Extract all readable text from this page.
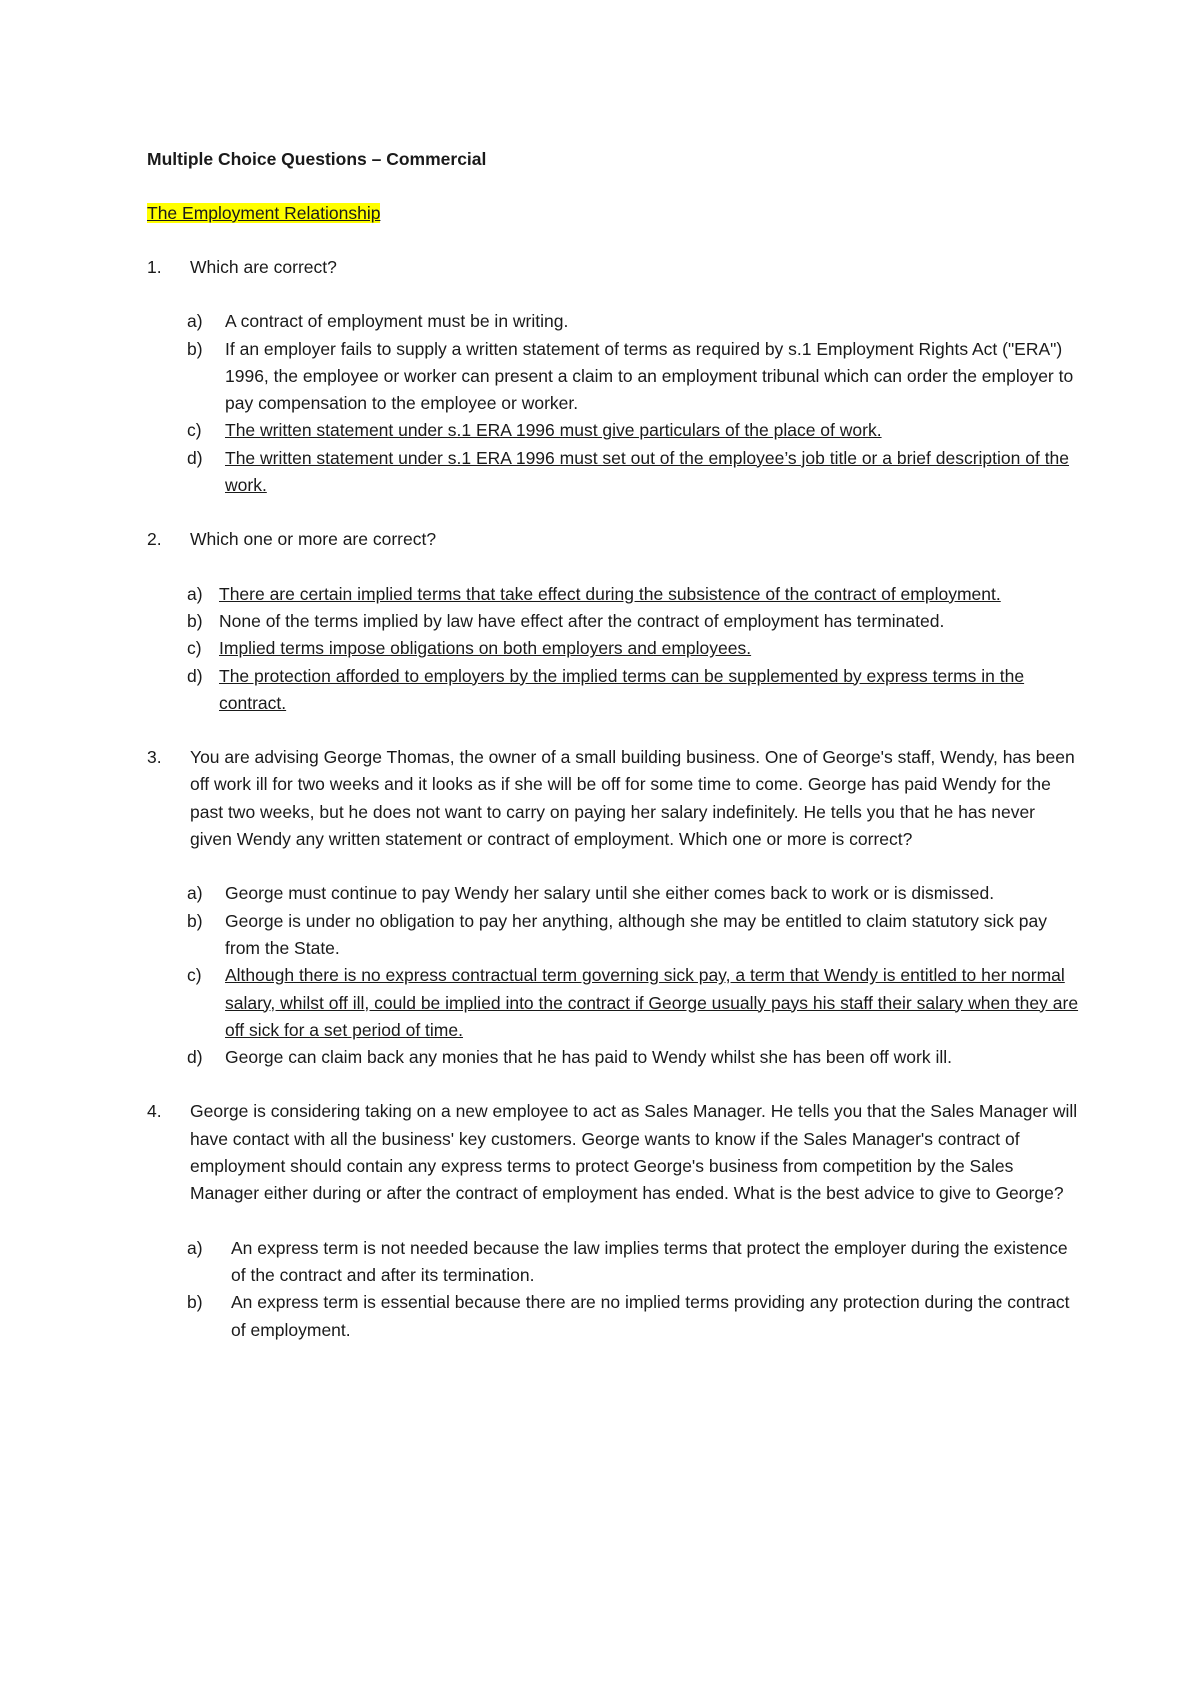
Multiple Choice Questions – Commercial

The Employment Relationship

1.	Which are correct?
a)	A contract of employment must be in writing.
b)	If an employer fails to supply a written statement of terms as required by s.1 Employment Rights Act ("ERA") 1996, the employee or worker can present a claim to an employment tribunal which can order the employer to pay compensation to the employee or worker.
c)	The written statement under s.1 ERA 1996 must give particulars of the place of work.
d)	The written statement under s.1 ERA 1996 must set out of the employee’s job title or a brief description of the work.
2.	Which one or more are correct?
a) There are certain implied terms that take effect during the subsistence of the contract of employment.
b) None of the terms implied by law have effect after the contract of employment has terminated.
c) Implied terms impose obligations on both employers and employees.
d) The protection afforded to employers by the implied terms can be supplemented by express terms in the contract.
3.	You are advising George Thomas, the owner of a small building business. One of George's staff, Wendy, has been off work ill for two weeks and it looks as if she will be off for some time to come. George has paid Wendy for the past two weeks, but he does not want to carry on paying her salary indefinitely. He tells you that he has never given Wendy any written statement or contract of employment. Which one or more is correct?
a)	George must continue to pay Wendy her salary until she either comes back to work or is dismissed.
b)	George is under no obligation to pay her anything, although she may be entitled to claim statutory sick pay from the State.
c)	Although there is no express contractual term governing sick pay, a term that Wendy is entitled to her normal salary, whilst off ill, could be implied into the contract if George usually pays his staff their salary when they are off sick for a set period of time.
d)	George can claim back any monies that he has paid to Wendy whilst she has been off work ill.
4.	George is considering taking on a new employee to act as Sales Manager. He tells you that the Sales Manager will have contact with all the business' key customers. George wants to know if the Sales Manager's contract of employment should contain any express terms to protect George's business from competition by the Sales Manager either during or after the contract of employment has ended. What is the best advice to give to George?
a)	An express term is not needed because the law implies terms that protect the employer during the existence of the contract and after its termination.
b)	An express term is essential because there are no implied terms providing any protection during the contract of employment.
